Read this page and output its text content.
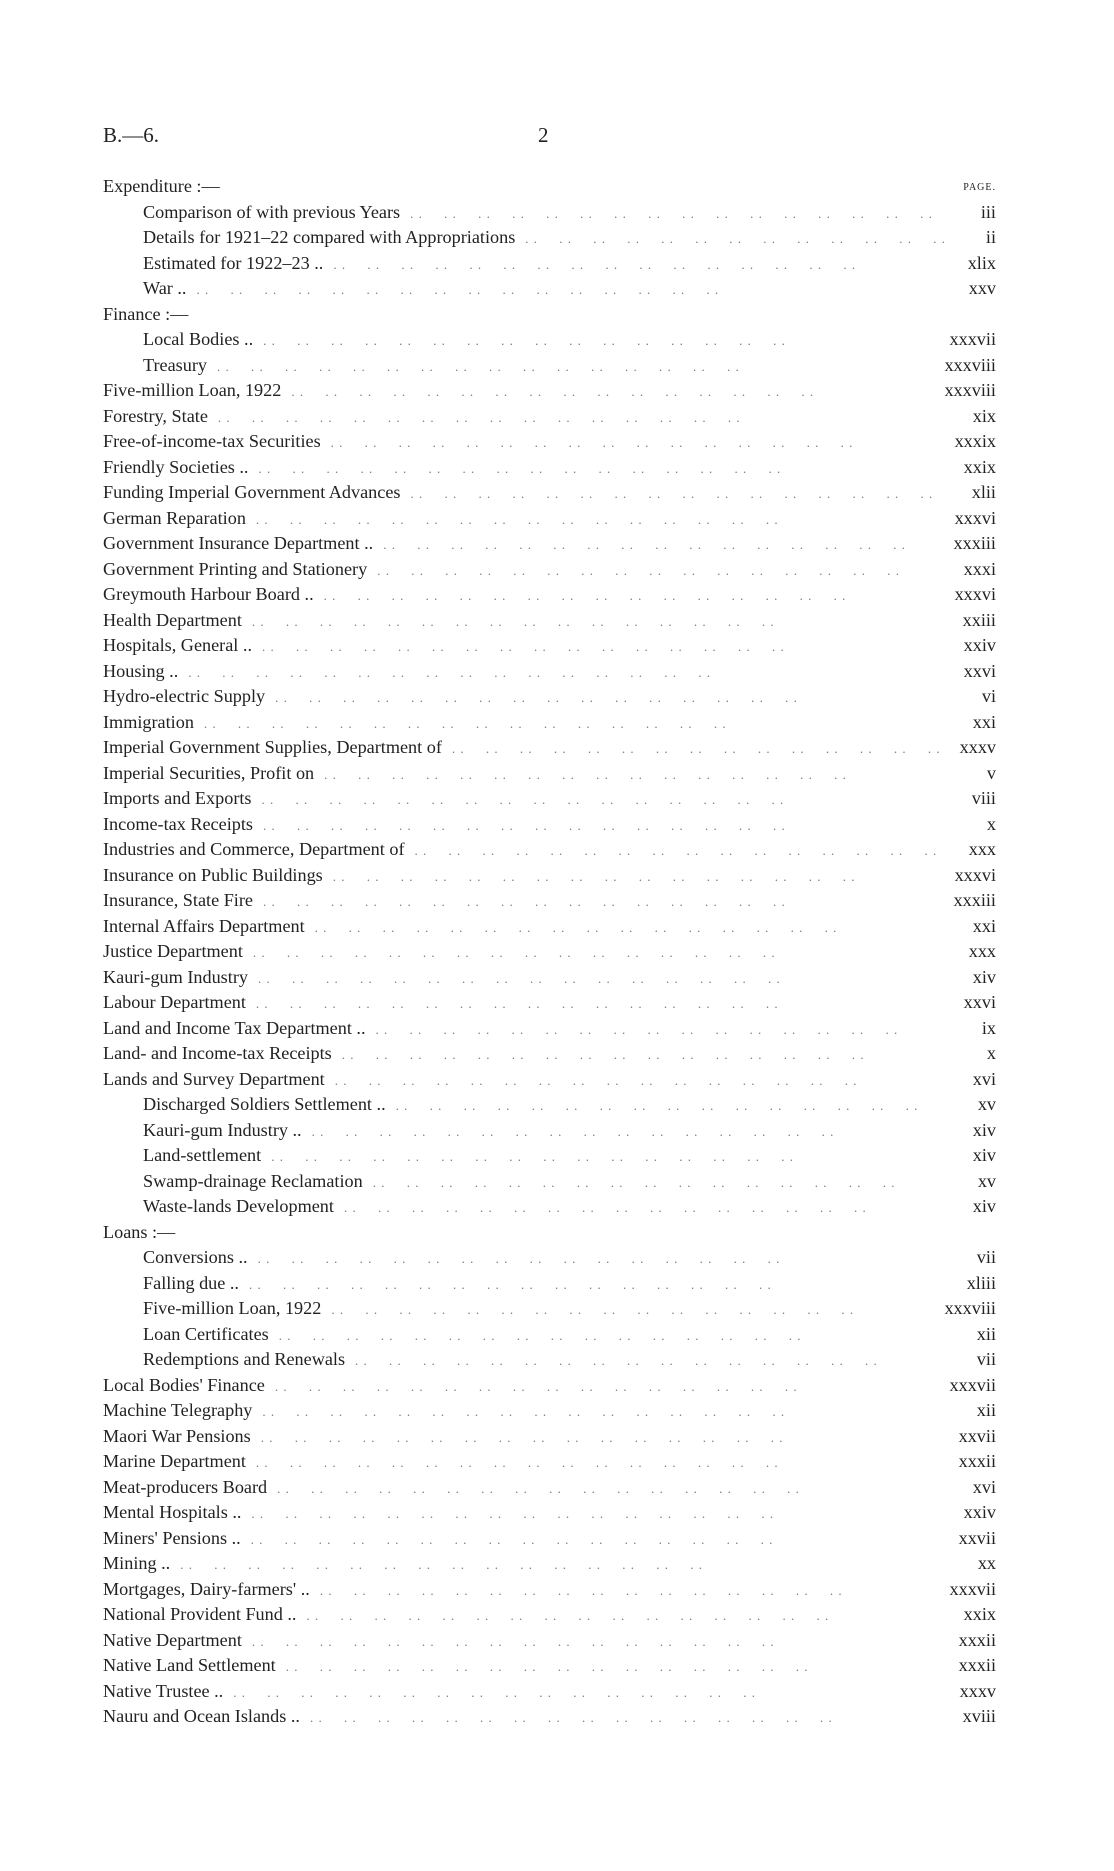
B.—6.	2
PAGE.
Expenditure :—
Comparison of with previous Years . .	iii
Details for 1921–22 compared with Appropriations . .	ii
Estimated for 1922–23 .. . .	xlix
War .. . .	xxv
Finance :—
Local Bodies .. . .	xxxvii
Treasury . .	xxxviii
Five-million Loan, 1922 . .	xxxviii
Forestry, State . .	xix
Free-of-income-tax Securities . .	xxxix
Friendly Societies .. . .	xxix
Funding Imperial Government Advances . .	xlii
German Reparation . .	xxxvi
Government Insurance Department .. . .	xxxiii
Government Printing and Stationery . .	xxxi
Greymouth Harbour Board .. . .	xxxvi
Health Department . .	xxiii
Hospitals, General .. . .	xxiv
Housing .. . .	xxvi
Hydro-electric Supply . .	vi
Immigration . .	xxi
Imperial Government Supplies, Department of . .	xxxv
Imperial Securities, Profit on . .	v
Imports and Exports . .	viii
Income-tax Receipts . .	x
Industries and Commerce, Department of . .	xxx
Insurance on Public Buildings . .	xxxvi
Insurance, State Fire . .	xxxiii
Internal Affairs Department . .	xxi
Justice Department . .	xxx
Kauri-gum Industry . .	xiv
Labour Department . .	xxvi
Land and Income Tax Department .. . .	ix
Land- and Income-tax Receipts . .	x
Lands and Survey Department . .	xvi
Discharged Soldiers Settlement .. . .	xv
Kauri-gum Industry .. . .	xiv
Land-settlement . .	xiv
Swamp-drainage Reclamation . .	xv
Waste-lands Development . .	xiv
Loans :—
Conversions .. . .	vii
Falling due .. . .	xliii
Five-million Loan, 1922 . .	xxxviii
Loan Certificates . .	xii
Redemptions and Renewals . .	vii
Local Bodies' Finance . .	xxxvii
Machine Telegraphy . .	xii
Maori War Pensions . .	xxvii
Marine Department . .	xxxii
Meat-producers Board . .	xvi
Mental Hospitals .. . .	xxiv
Miners' Pensions .. . .	xxvii
Mining .. . .	xx
Mortgages, Dairy-farmers' .. . .	xxxvii
National Provident Fund .. . .	xxix
Native Department . .	xxxii
Native Land Settlement . .	xxxii
Native Trustee .. . .	xxxv
Nauru and Ocean Islands .. . .	xviii
